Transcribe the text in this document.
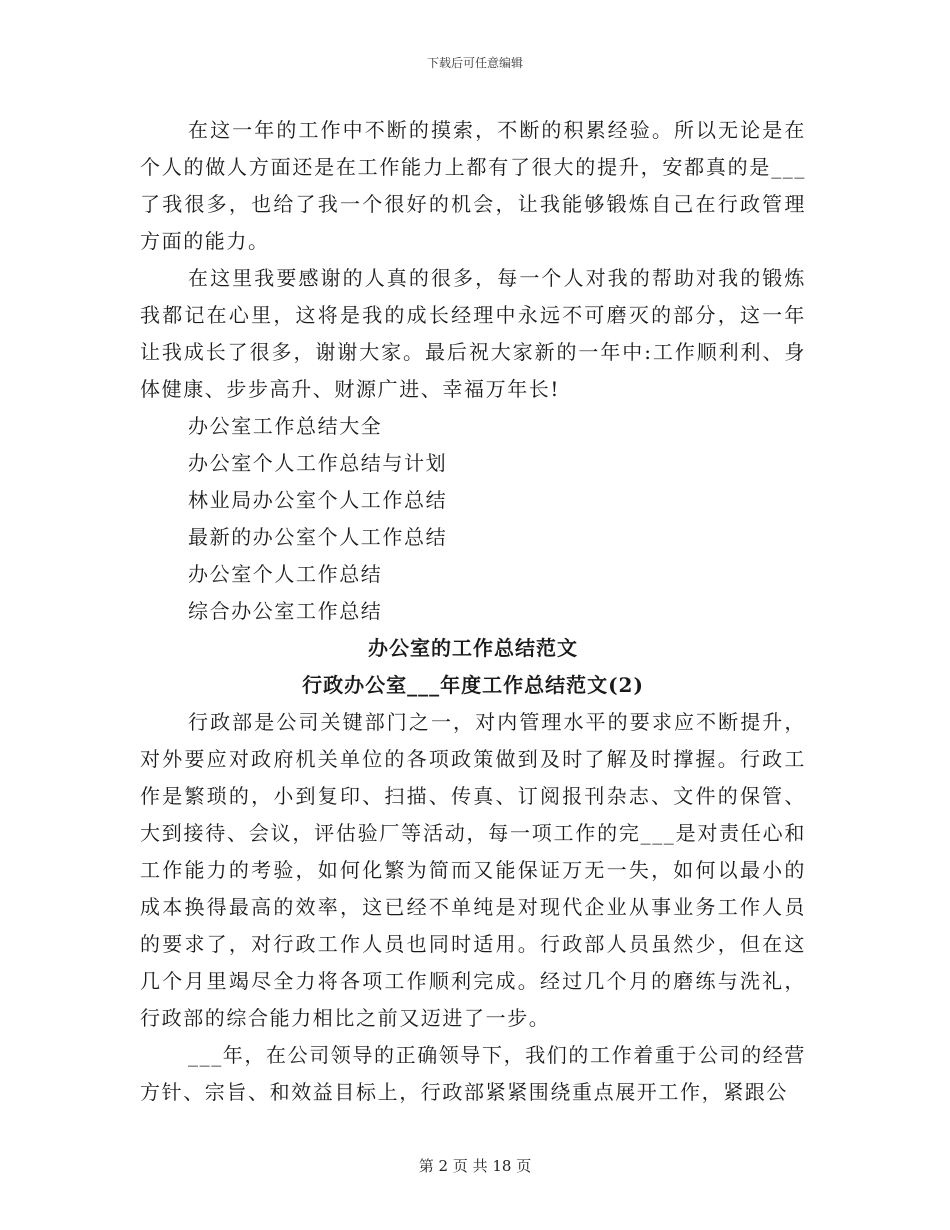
下载后可任意编辑

在这一年的工作中不断的摸索，不断的积累经验。所以无论是在个人的做人方面还是在工作能力上都有了很大的提升，安都真的是___了我很多，也给了我一个很好的机会，让我能够锻炼自己在行政管理方面的能力。

在这里我要感谢的人真的很多，每一个人对我的帮助对我的锻炼我都记在心里，这将是我的成长经理中永远不可磨灭的部分，这一年让我成长了很多，谢谢大家。最后祝大家新的一年中:工作顺利利、身体健康、步步高升、财源广进、幸福万年长!

办公室工作总结大全

办公室个人工作总结与计划

林业局办公室个人工作总结

最新的办公室个人工作总结

办公室个人工作总结

综合办公室工作总结

办公室的工作总结范文

行政办公室___年度工作总结范文(2)

行政部是公司关键部门之一，对内管理水平的要求应不断提升，对外要应对政府机关单位的各项政策做到及时了解及时撑握。行政工作是繁琐的，小到复印、扫描、传真、订阅报刊杂志、文件的保管、大到接待、会议，评估验厂等活动，每一项工作的完___是对责任心和工作能力的考验，如何化繁为简而又能保证万无一失，如何以最小的成本换得最高的效率，这已经不单纯是对现代企业从事业务工作人员的要求了，对行政工作人员也同时适用。行政部人员虽然少，但在这几个月里竭尽全力将各项工作顺利完成。经过几个月的磨练与洗礼，行政部的综合能力相比之前又迈进了一步。

___年，在公司领导的正确领导下，我们的工作着重于公司的经营方针、宗旨、和效益目标上，行政部紧紧围绕重点展开工作，紧跟公

第 2 页 共 18 页
